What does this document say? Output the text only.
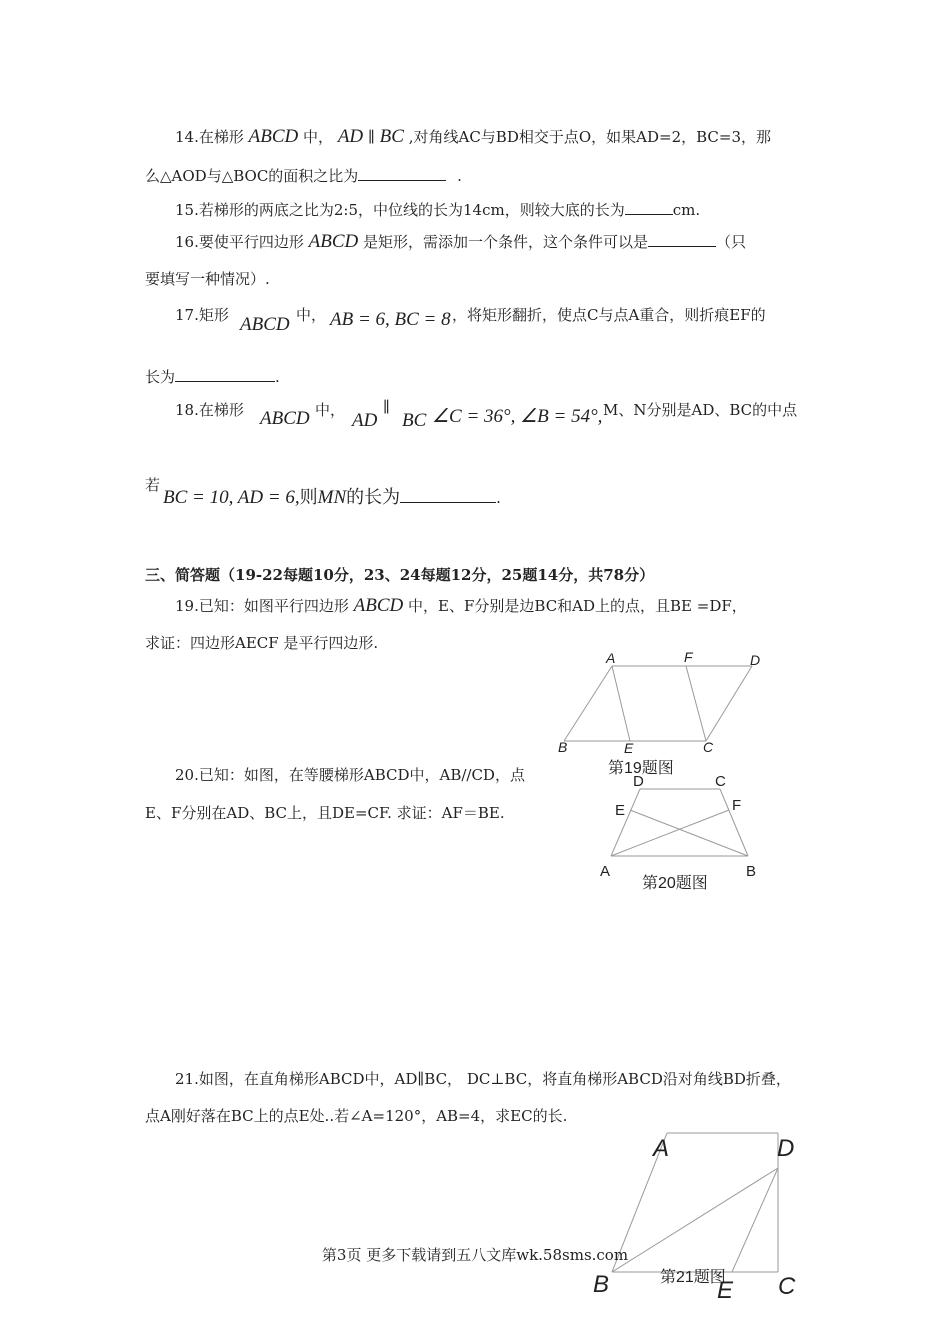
14.在梯形 ABCD 中， AD ∥ BC ,对角线AC与BD相交于点O，如果AD=2，BC=3，那
么△AOD与△BOC的面积之比为	.
15.若梯形的两底之比为2:5，中位线的长为14cm，则较大底的长为	cm.
16.要使平行四边形 ABCD 是矩形，需添加一个条件，这个条件可以是	（只
要填写一种情况）.
17.矩形 ABCD 中， AB = 6, BC = 8 ，将矩形翻折，使点C与点A重合，则折痕EF的
长为	.
18.在梯形 ABCD 中， AD
∥
BC ∠C = 36°, ∠B = 54°, M、N分别是AD、BC的中点
若
BC = 10, AD = 6,则MN的长为	.
三、简答题（19-22每题10分，23、24每题12分，25题14分，共78分）
19.已知：如图平行四边形 ABCD 中，E、F分别是边BC和AD上的点，且BE =DF，
求证：四边形AECF 是平行四边形.
A	F	D
B	E	C
第19题图
20.已知：如图，在等腰梯形ABCD中，AB//CD，点
E、F分别在AD、BC上，且DE=CF. 求证：AF＝BE.
D	C
E	F
A	B
第20题图
21.如图，在直角梯形ABCD中，AD∥BC， DC⊥BC，将直角梯形ABCD沿对角线BD折叠，
点A刚好落在BC上的点E处..若∠A=120°，AB=4，求EC的长.
A	D
B	E C
第21题图
第3页 更多下载请到五八文库wk.58sms.com
